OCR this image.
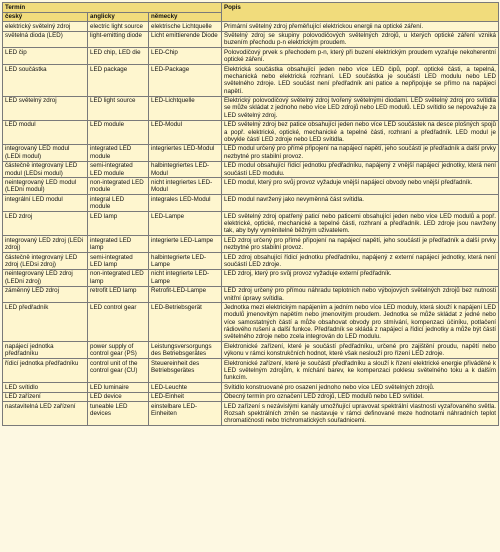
Termín			Popis
český	anglicky	německy	
elektrický světelný zdroj	electric light source	elektrische Lichtquelle	Primární světelný zdroj přeměňující elektrickou energii na optické záření.
světelná dioda (LED)	light-emitting diode	Licht emittierende Diode	Světelný zdroj se skupiny polovodičových světelných zdrojů, u kterých optické záření vzniká buzením přechodu p-n elektrickým proudem.
LED čip	LED chip, LED die	LED-Chip	Polovodičový prvek s přechodem p-n, který při buzení elektrickým proudem vyzařuje nekoherentní optické záření.
LED součástka	LED package	LED-Package	Elektrická součástka obsahující jeden nebo více LED čipů, popř. optické části, a tepelná, mechanická nebo elektrická rozhraní. LED součástka je součástí LED modulu nebo LED světelného zdroje. LED součást není předřadník ani patice a nepřipojuje se přímo na napájecí napětí.
LED světelný zdroj	LED light source	LED-Lichtquelle	Elektrický polovodičový světelný zdroj tvořený světelnými diodami. LED světelný zdroj pro svítidla se může skládat z jednoho nebo více LED zdrojů nebo LED modulů. LED svítidlo se nepovažuje za LED světelný zdroj.
LED modul	LED module	LED-Modul	LED světelný zdroj bez patice obsahující jeden nebo více LED součástek na desce plošných spojů a popř. elektrické, optické, mechanické a tepelné části, rozhraní a předřadník. LED modul je obvykle částí LED zdroje nebo LED svítidla.
integrovaný LED modul (LEDi modul)	integrated LED module	integriertes LED-Modul	LED modul určený pro přímé připojení na napájecí napětí, jeho součástí je předřadník a další prvky nezbytné pro stabilní provoz.
částečně integrovaný LED modul (LEDsi modul)	semi-integrated LED module	halbintegriertes LED-Modul	LED modul obsahující řídicí jednotku předřadníku, napájený z vnější napájecí jednotky, která není součástí LED modulu.
neintegrovaný LED modul (LEDni modul)	non-integrated LED module	nicht integriertes LED-Modul	LED modul, který pro svůj provoz vyžaduje vnější napájecí obvody nebo vnější předřadník.
integrální LED modul	integral LED module	integrales LED-Modul	LED modul navržený jako nevyměnná část svítidla.
LED zdroj	LED lamp	LED-Lampe	LED světelný zdroj opatřený paticí nebo paticemi obsahující jeden nebo více LED modulů a popř. elektrické, optické, mechanické a tepelné části, rozhraní a předřadník. LED zdroje jsou navrženy tak, aby byly vyměnitelné běžným uživatelem.
integrovaný LED zdroj (LEDi zdroj)	integrated LED lamp	integrierte LED-Lampe	LED zdroj určený pro přímé připojení na napájecí napětí, jeho součástí je předřadník a další prvky nezbytné pro stabilní provoz.
částečně integrovaný LED zdroj (LEDsi zdroj)	semi-integrated LED lamp	halbintegrierte LED-Lampe	LED zdroj obsahující řídicí jednotku předřadníku, napájený z externí napájecí jednotky, která není součástí LED zdroje.
neintegrovaný LED zdroj (LEDni zdroj)	non-integrated LED lamp	nicht integrierte LED-Lampe	LED zdroj, který pro svůj provoz vyžaduje externí předřadník.
záměnný LED zdroj	retrofit LED lamp	Retrofit-LED-Lampe	LED zdroj určený pro přímou náhradu teplotních nebo výbojových světelných zdrojů bez nutnosti vnitřní úpravy svítidla.
LED předřadník	LED control gear	LED-Betriebsgerät	Jednotka mezi elektrickým napájením a jedním nebo více LED moduly, která slouží k napájení LED modulů jmenovitým napětím nebo jmenovitým proudem. Jednotka se může skládat z jedné nebo více samostatných částí a může obsahovat obvody pro stmívání, kompenzaci účiníku, potlačení rádiového rušení a další funkce. Předřadník se skládá z napájecí a řídicí jednotky a může být částí světelného zdroje nebo zcela integrován do LED modulu.
napájecí jednotka předřadníku	power supply of control gear (PS)	Leistungsversorgungs des Betriebsgerätes	Elektronické zařízení, které je součástí předřadníku, určené pro zajištění proudu, napětí nebo výkonu v rámci konstrukčních hodnot, které však neslouží pro řízení LED zdroje.
řídicí jednotka předřadníku	control unit of the control gear (CU)	Steuereinheit des Betriebsgerätes	Elektronické zařízení, které je součástí předřadníku a slouží k řízení elektrické energie přiváděné k LED světelným zdrojům, k míchání barev, ke kompenzaci poklesu světelného toku a k dalším funkcím.
LED svítidlo	LED luminaire	LED-Leuchte	Svítidlo konstruované pro osazení jednoho nebo více LED světelných zdrojů.
LED zařízení	LED device	LED-Einheit	Obecný termín pro označení LED zdrojů, LED modulů nebo LED svítidel.
nastavitelná LED zařízení	tuneable LED devices	einstelbare LED-Einheiten	LED zařízení s nezávislými kanály umožňující upravovat spektrální vlastnosti vyzařovaného světla. Rozsah spektrálních změn se nastavuje v rámci definované meze hodnotami náhradních teplot chromatičnosti nebo trichromatických souřadnicemi.
